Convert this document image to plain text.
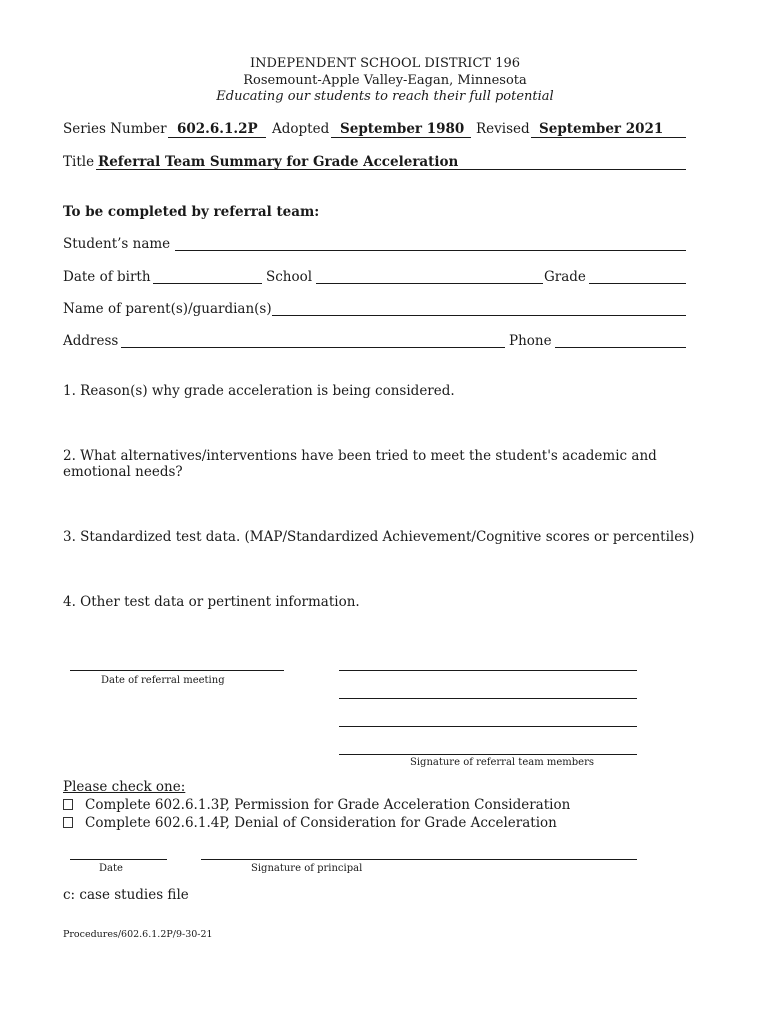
INDEPENDENT SCHOOL DISTRICT 196
Rosemount-Apple Valley-Eagan, Minnesota
Educating our students to reach their full potential
Series Number 602.6.1.2P Adopted September 1980 Revised September 2021
Title Referral Team Summary for Grade Acceleration
To be completed by referral team:
Student’s name
Date of birth	School	Grade
Name of parent(s)/guardian(s)
Address	Phone
1. Reason(s) why grade acceleration is being considered.
2. What alternatives/interventions have been tried to meet the student's academic and emotional needs?
3. Standardized test data. (MAP/Standardized Achievement/Cognitive scores or percentiles)
4. Other test data or pertinent information.
Date of referral meeting
Signature of referral team members
Please check one:
Complete 602.6.1.3P, Permission for Grade Acceleration Consideration
Complete 602.6.1.4P, Denial of Consideration for Grade Acceleration
Date	Signature of principal
c: case studies file
Procedures/602.6.1.2P/9-30-21
